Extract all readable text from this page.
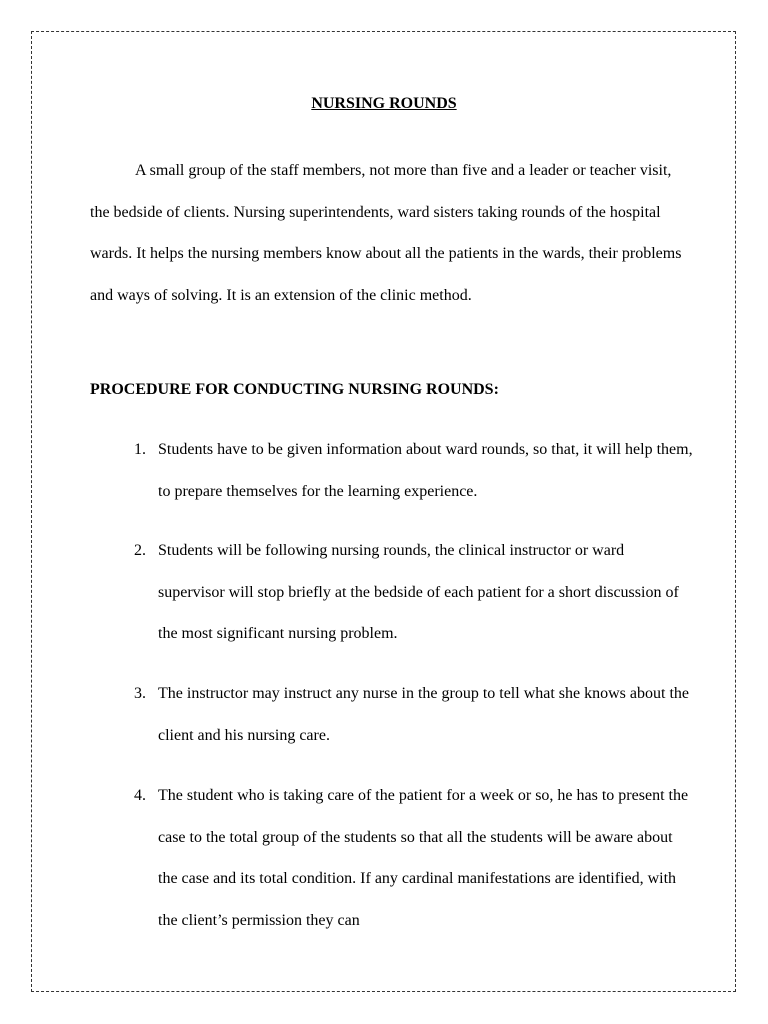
NURSING ROUNDS

A small group of the staff members, not more than five and a leader or teacher visit, the bedside of clients. Nursing superintendents, ward sisters taking rounds of the hospital wards. It helps the nursing members know about all the patients in the wards, their problems and ways of solving. It is an extension of the clinic method.

PROCEDURE FOR CONDUCTING NURSING ROUNDS:
1. Students have to be given information about ward rounds, so that, it will help them, to prepare themselves for the learning experience.
2. Students will be following nursing rounds, the clinical instructor or ward supervisor will stop briefly at the bedside of each patient for a short discussion of the most significant nursing problem.
3. The instructor may instruct any nurse in the group to tell what she knows about the client and his nursing care.
4. The student who is taking care of the patient for a week or so, he has to present the case to the total group of the students so that all the students will be aware about the case and its total condition. If any cardinal manifestations are identified, with the client’s permission they can
